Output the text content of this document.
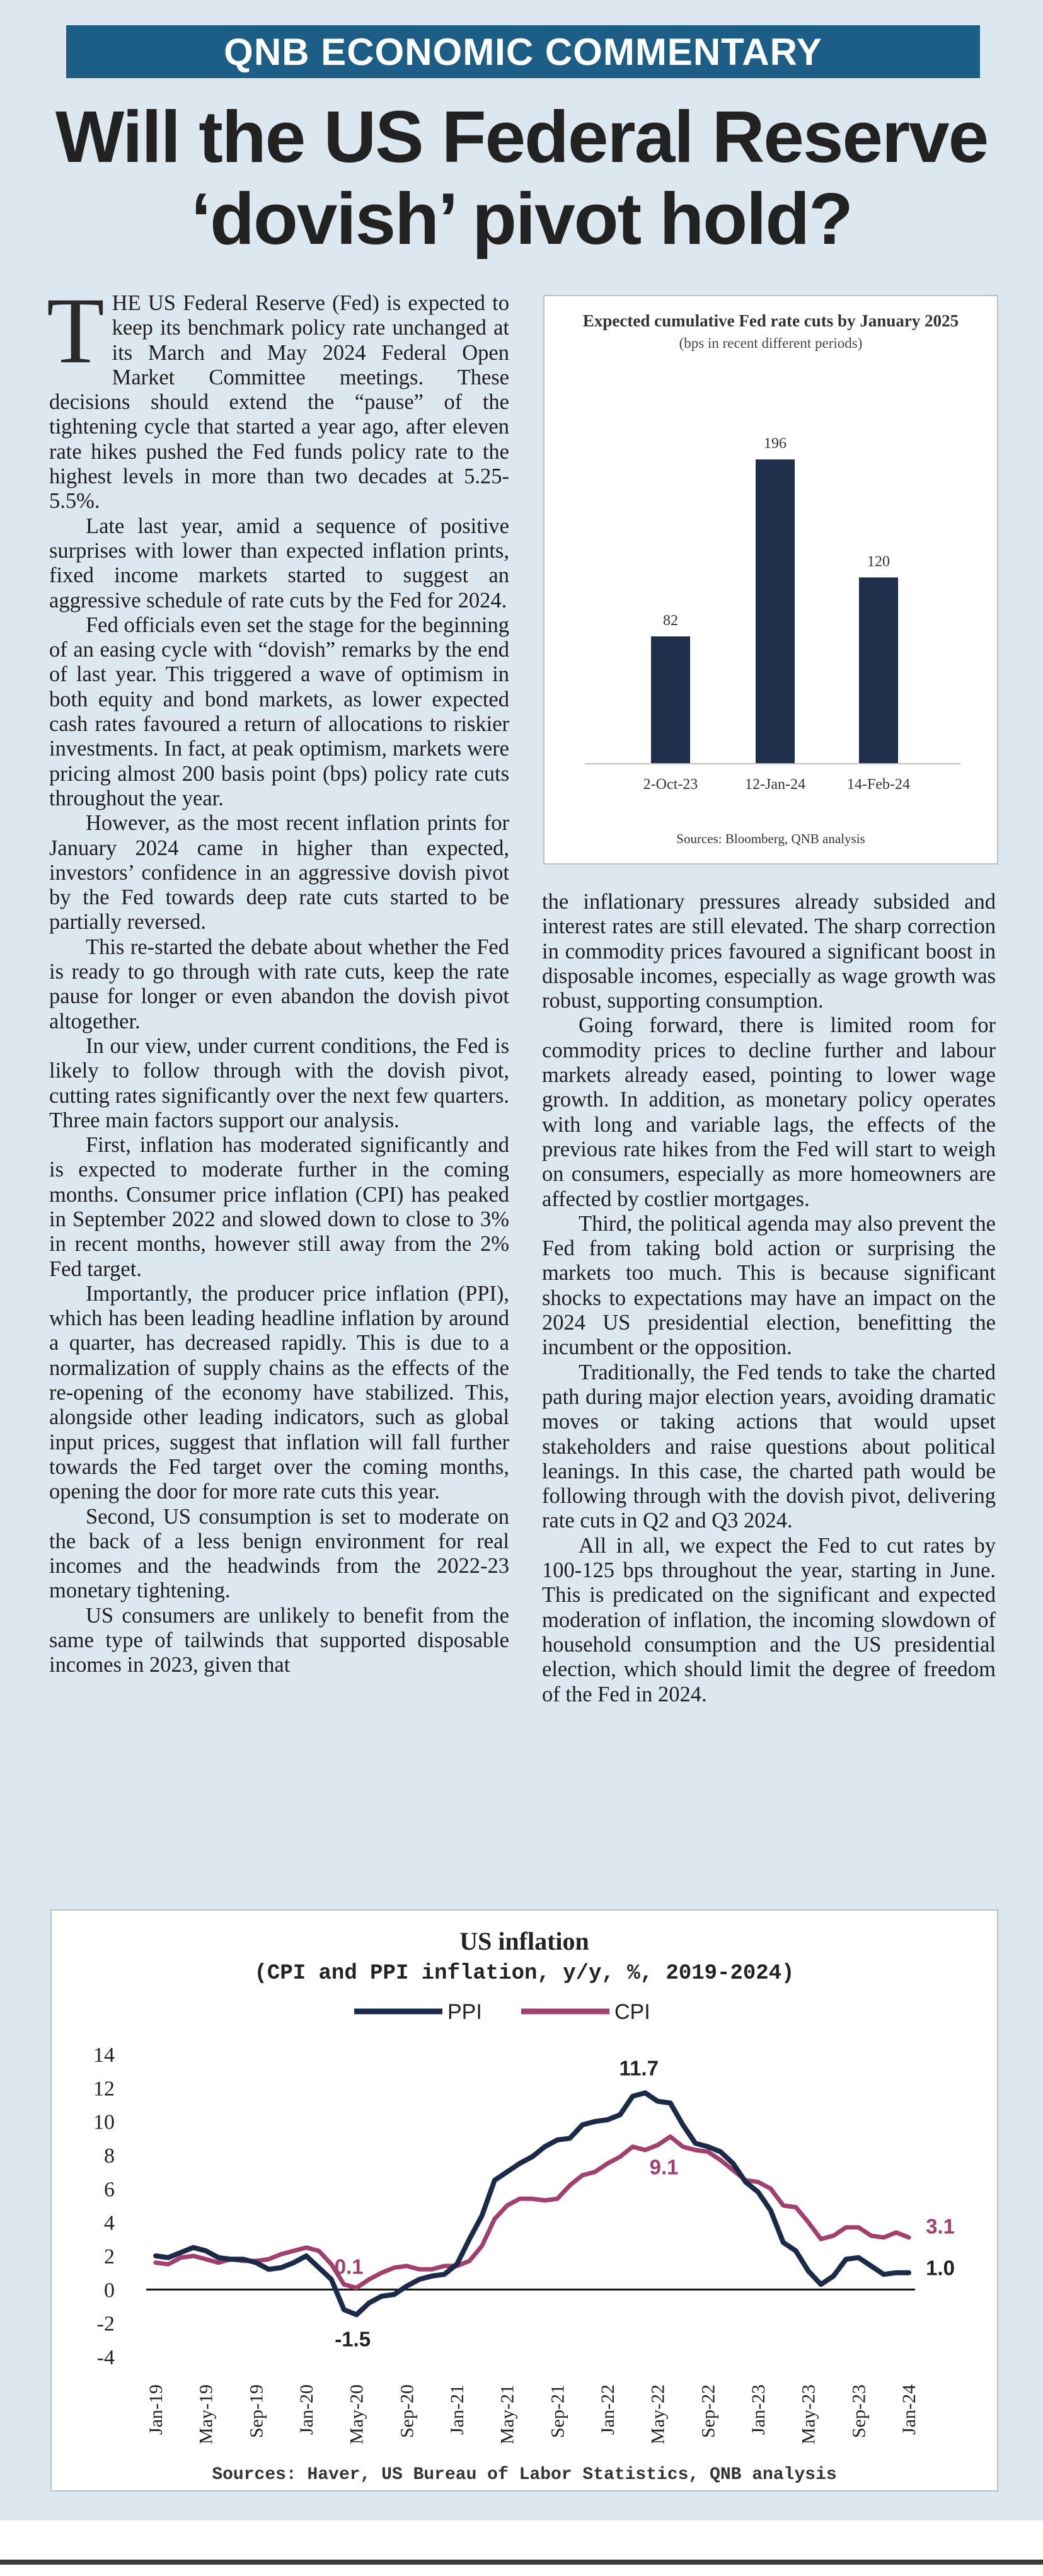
QNB ECONOMIC COMMENTARY
Will the US Federal Reserve
‘dovish’ pivot hold?

THE US Federal Reserve (Fed) is expected to keep its benchmark policy rate unchanged at its March and May 2024 Federal Open Market Committee meetings. These decisions should extend the “pause” of the tightening cycle that started a year ago, after eleven rate hikes pushed the Fed funds policy rate to the highest levels in more than two decades at 5.25-5.5%.

Late last year, amid a sequence of positive surprises with lower than expected inflation prints, fixed income markets started to suggest an aggressive schedule of rate cuts by the Fed for 2024.

Fed officials even set the stage for the beginning of an easing cycle with “dovish” remarks by the end of last year. This triggered a wave of optimism in both equity and bond markets, as lower expected cash rates favoured a return of allocations to riskier investments. In fact, at peak optimism, markets were pricing almost 200 basis point (bps) policy rate cuts throughout the year.

However, as the most recent inflation prints for January 2024 came in higher than expected, investors’ confidence in an aggressive dovish pivot by the Fed towards deep rate cuts started to be partially reversed.

This re-started the debate about whether the Fed is ready to go through with rate cuts, keep the rate pause for longer or even abandon the dovish pivot altogether.

In our view, under current conditions, the Fed is likely to follow through with the dovish pivot, cutting rates significantly over the next few quarters. Three main factors support our analysis.

First, inflation has moderated significantly and is expected to moderate further in the coming months. Consumer price inflation (CPI) has peaked in September 2022 and slowed down to close to 3% in recent months, however still away from the 2% Fed target.

Importantly, the producer price inflation (PPI), which has been leading headline inflation by around a quarter, has decreased rapidly. This is due to a normalization of supply chains as the effects of the re-opening of the economy have stabilized. This, alongside other leading indicators, such as global input prices, suggest that inflation will fall further towards the Fed target over the coming months, opening the door for more rate cuts this year.

Second, US consumption is set to moderate on the back of a less benign environment for real incomes and the headwinds from the 2022-23 monetary tightening.

US consumers are unlikely to benefit from the same type of tailwinds that supported disposable incomes in 2023, given that

the inflationary pressures already subsided and interest rates are still elevated. The sharp correction in commodity prices favoured a significant boost in disposable incomes, especially as wage growth was robust, supporting consumption.

Going forward, there is limited room for commodity prices to decline further and labour markets already eased, pointing to lower wage growth. In addition, as monetary policy operates with long and variable lags, the effects of the previous rate hikes from the Fed will start to weigh on consumers, especially as more homeowners are affected by costlier mortgages.

Third, the political agenda may also prevent the Fed from taking bold action or surprising the markets too much. This is because significant shocks to expectations may have an impact on the 2024 US presidential election, benefitting the incumbent or the opposition.

Traditionally, the Fed tends to take the charted path during major election years, avoiding dramatic moves or taking actions that would upset stakeholders and raise questions about political leanings. In this case, the charted path would be following through with the dovish pivot, delivering rate cuts in Q2 and Q3 2024.

All in all, we expect the Fed to cut rates by 100-125 bps throughout the year, starting in June. This is predicated on the significant and expected moderation of inflation, the incoming slowdown of household consumption and the US presidential election, which should limit the degree of freedom of the Fed in 2024.

Expected cumulative Fed rate cuts by January 2025
(bps in recent different periods)
82
2-Oct-23
196
12-Jan-24
120
14-Feb-24
Sources: Bloomberg, QNB analysis
US inflation
(CPI and PPI inflation, y/y, %, 2019-2024)
PPI	CPI
-4
-2
0
2
4
6
8
10
12
14
Jan-19 May-19 Sep-19 Jan-20 May-20 Sep-20 Jan-21 May-21 Sep-21 Jan-22 May-22 Sep-22 Jan-23 May-23 Sep-23 Jan-24
11.7
9.1
0.1
-1.5
3.1
1.0
Sources: Haver, US Bureau of Labor Statistics, QNB analysis
